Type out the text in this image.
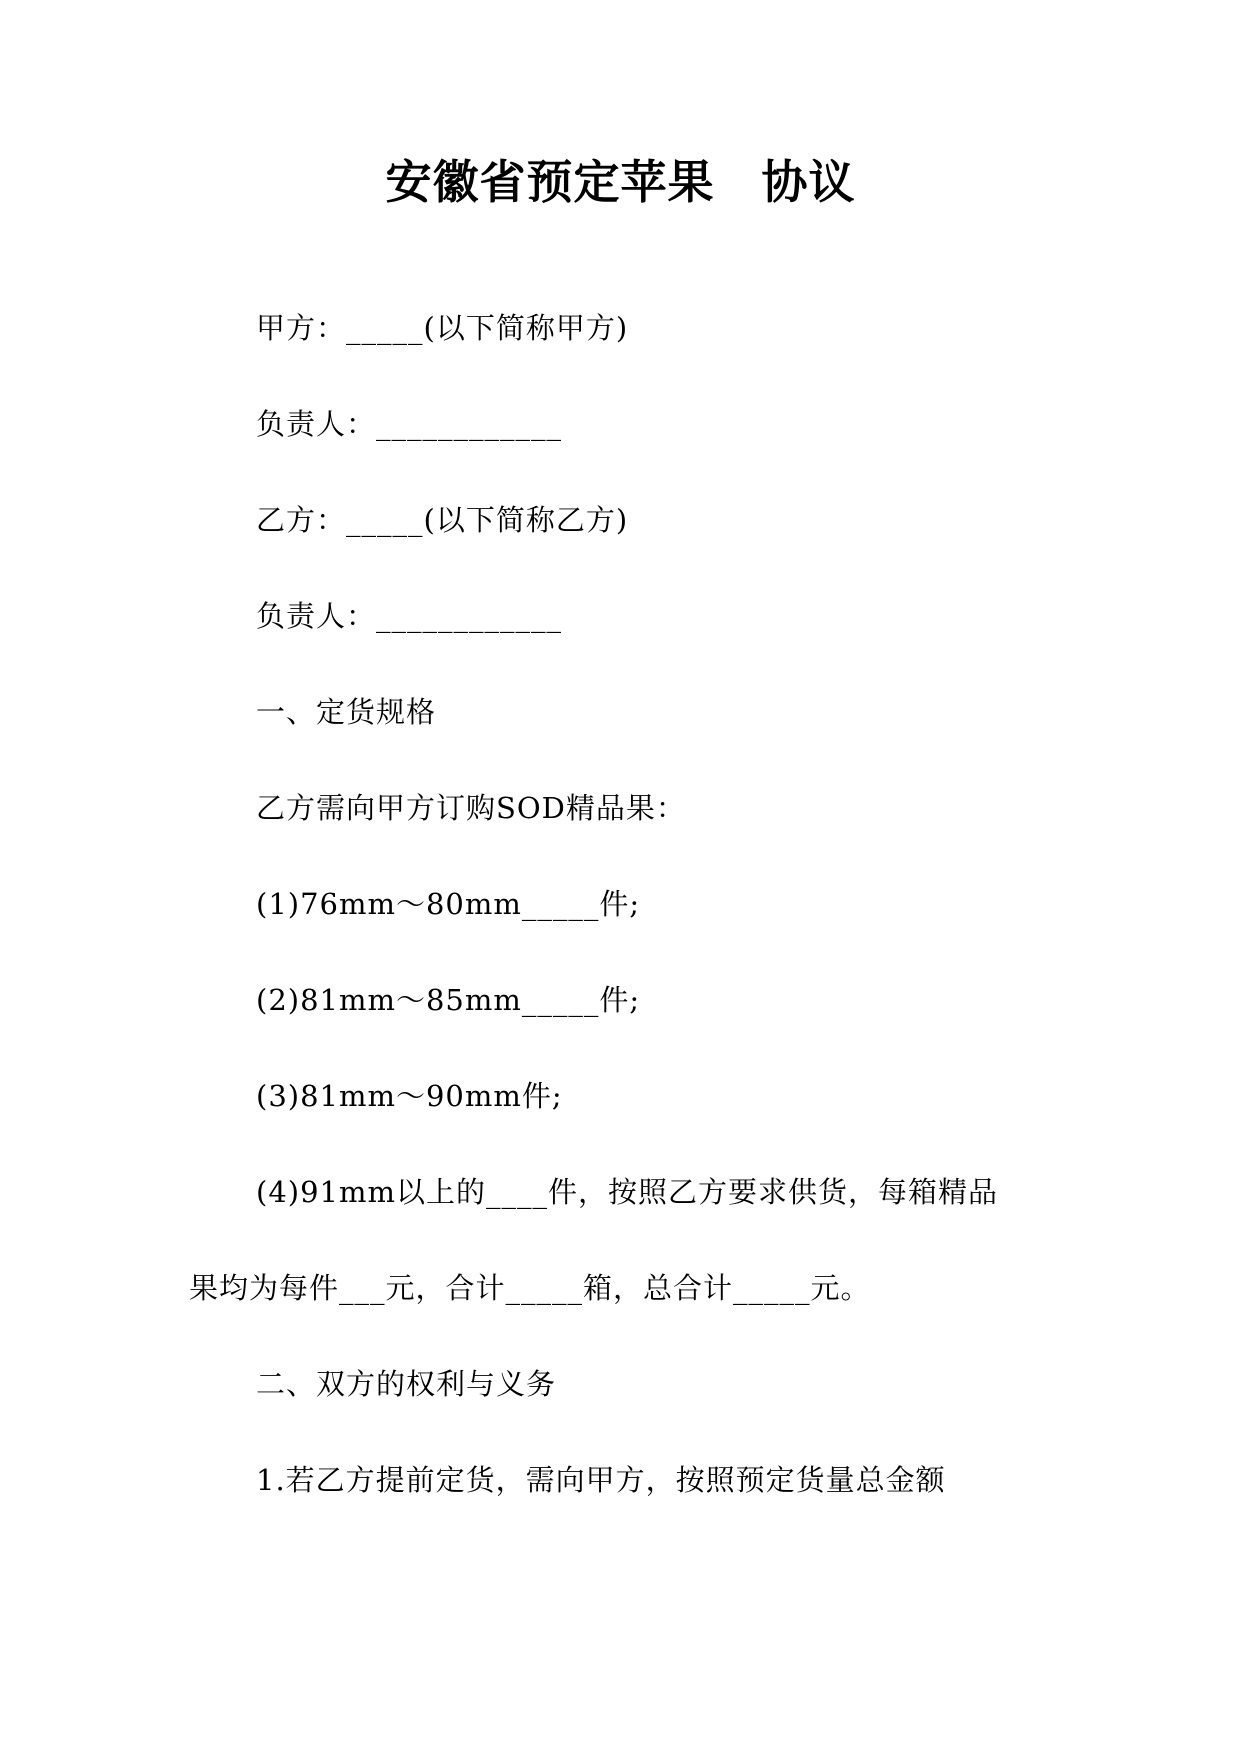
安徽省预定苹果　协议
甲方：_____(以下简称甲方)
负责人：____________
乙方：_____(以下简称乙方)
负责人：____________
一、定货规格
乙方需向甲方订购SOD精品果：
(1)76mm～80mm_____件;
(2)81mm～85mm_____件;
(3)81mm～90mm件;
(4)91mm以上的____件，按照乙方要求供货，每箱精品
果均为每件___元，合计_____箱，总合计_____元。
二、双方的权利与义务
1.若乙方提前定货，需向甲方，按照预定货量总金额
